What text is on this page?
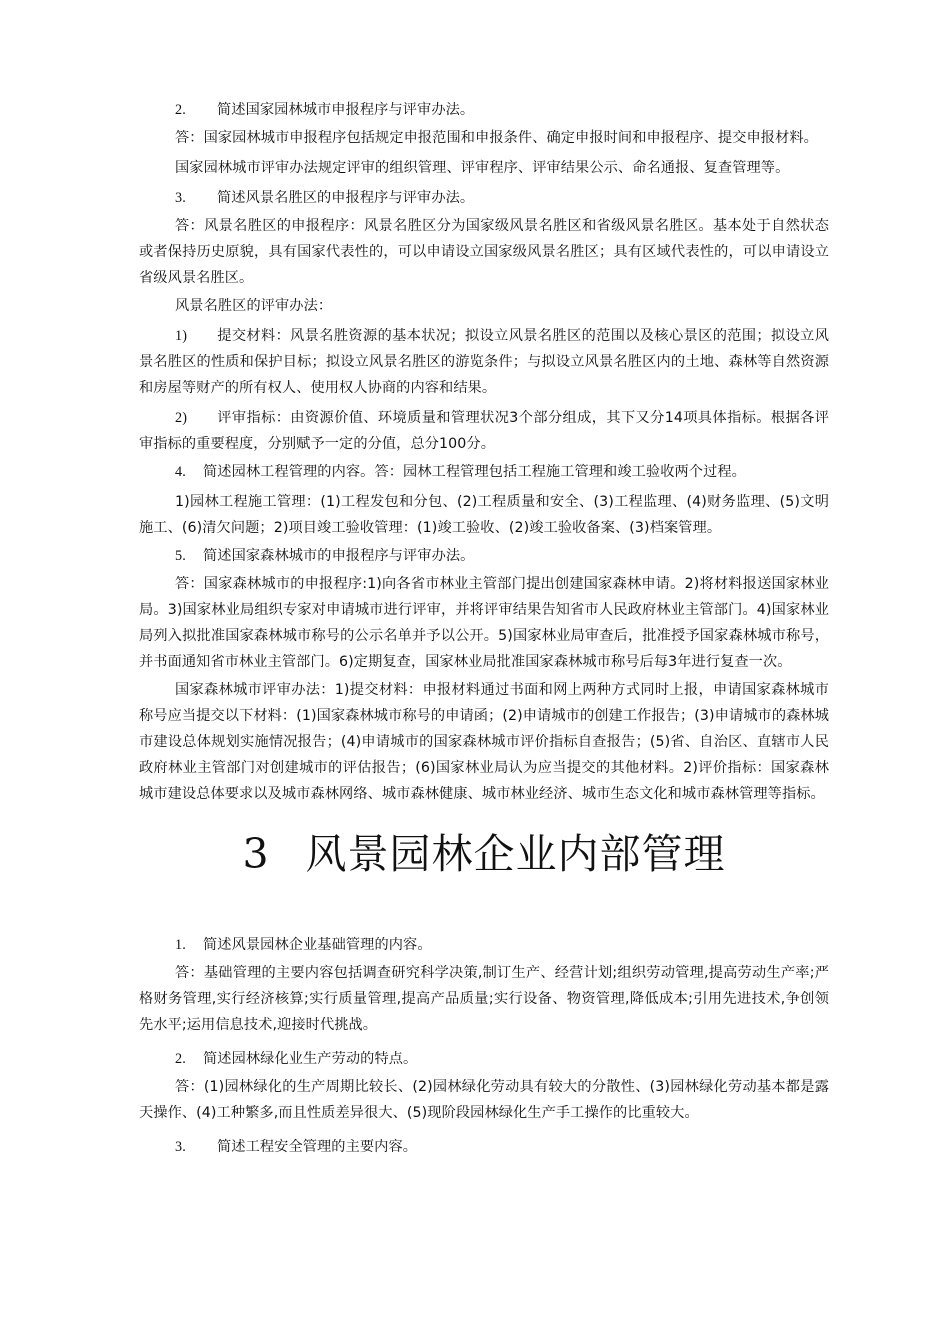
2. 简述国家园林城市申报程序与评审办法。
答：国家园林城市申报程序包括规定申报范围和申报条件、确定申报时间和申报程序、提交申报材料。
国家园林城市评审办法规定评审的组织管理、评审程序、评审结果公示、命名通报、复查管理等。
3. 简述风景名胜区的申报程序与评审办法。
答：风景名胜区的申报程序：风景名胜区分为国家级风景名胜区和省级风景名胜区。基本处于自然状态或者保持历史原貌，具有国家代表性的，可以申请设立国家级风景名胜区；具有区域代表性的，可以申请设立省级风景名胜区。
风景名胜区的评审办法：
1) 提交材料：风景名胜资源的基本状况；拟设立风景名胜区的范围以及核心景区的范围；拟设立风景名胜区的性质和保护目标；拟设立风景名胜区的游览条件；与拟设立风景名胜区内的土地、森林等自然资源和房屋等财产的所有权人、使用权人协商的内容和结果。
2) 评审指标：由资源价值、环境质量和管理状况3个部分组成，其下又分14项具体指标。根据各评审指标的重要程度，分别赋予一定的分值，总分100分。
4. 简述园林工程管理的内容。答：园林工程管理包括工程施工管理和竣工验收两个过程。
1)园林工程施工管理：(1)工程发包和分包、(2)工程质量和安全、(3)工程监理、(4)财务监理、(5)文明施工、(6)清欠问题；2)项目竣工验收管理：(1)竣工验收、(2)竣工验收备案、(3)档案管理。
5. 简述国家森林城市的申报程序与评审办法。
答：国家森林城市的申报程序:1)向各省市林业主管部门提出创建国家森林申请。2)将材料报送国家林业局。3)国家林业局组织专家对申请城市进行评审，并将评审结果告知省市人民政府林业主管部门。4)国家林业局列入拟批准国家森林城市称号的公示名单并予以公开。5)国家林业局审查后，批准授予国家森林城市称号，并书面通知省市林业主管部门。6)定期复查，国家林业局批准国家森林城市称号后每3年进行复查一次。
国家森林城市评审办法：1)提交材料：申报材料通过书面和网上两种方式同时上报，申请国家森林城市称号应当提交以下材料：(1)国家森林城市称号的申请函；(2)申请城市的创建工作报告；(3)申请城市的森林城市建设总体规划实施情况报告；(4)申请城市的国家森林城市评价指标自查报告；(5)省、自治区、直辖市人民政府林业主管部门对创建城市的评估报告；(6)国家林业局认为应当提交的其他材料。2)评价指标：国家森林城市建设总体要求以及城市森林网络、城市森林健康、城市林业经济、城市生态文化和城市森林管理等指标。
3 风景园林企业内部管理
1. 简述风景园林企业基础管理的内容。
答：基础管理的主要内容包括调查研究科学决策,制订生产、经营计划;组织劳动管理,提高劳动生产率;严格财务管理,实行经济核算;实行质量管理,提高产品质量;实行设备、物资管理,降低成本;引用先进技术,争创领先水平;运用信息技术,迎接时代挑战。
2. 简述园林绿化业生产劳动的特点。
答：(1)园林绿化的生产周期比较长、(2)园林绿化劳动具有较大的分散性、(3)园林绿化劳动基本都是露天操作、(4)工种繁多,而且性质差异很大、(5)现阶段园林绿化生产手工操作的比重较大。
3. 简述工程安全管理的主要内容。
